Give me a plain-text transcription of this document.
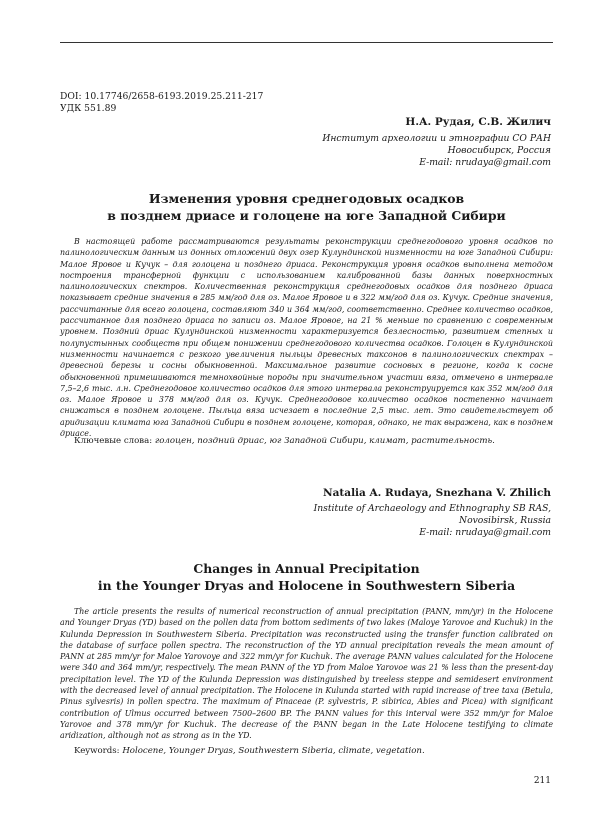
DOI: 10.17746/2658-6193.2019.25.211-217
УДК 551.89
Н.А. Рудая, С.В. Жилич
Институт археологии и этнографии СО РАН
Новосибирск, Россия
E-mail: nrudaya@gmail.com
Изменения уровня среднегодовых осадков
в позднем дриасе и голоцене на юге Западной Сибири
В настоящей работе рассматриваются результаты реконструкции среднегодового уровня осадков по палинологическим данным из донных отложений двух озер Кулундинской низменности на юге Западной Сибири: Малое Яровое и Кучук – для голоцена и позднего дриаса. Реконструкция уровня осадков выполнена методом построения трансферной функции с использованием калиброванной базы данных поверхностных палинологических спектров. Количественная реконструкция среднегодовых осадков для позднего дриаса показывает средние значения в 285 мм/год для оз. Малое Яровое и в 322 мм/год для оз. Кучук. Средние значения, рассчитанные для всего голоцена, составляют 340 и 364 мм/год, соответственно. Среднее количество осадков, рассчитанное для позднего дриаса по записи оз. Малое Яровое, на 21 % меньше по сравнению с современным уровнем. Поздний дриас Кулундинской низменности характеризуется безлесностью, развитием степных и полупустынных сообществ при общем понижении среднегодового количества осадков. Голоцен в Кулундинской низменности начинается с резкого увеличения пыльцы древесных таксонов в палинологических спектрах – древесной березы и сосны обыкновенной. Максимальное развитие сосновых в регионе, когда к сосне обыкновенной примешиваются темнохвойные породы при значительном участии вяза, отмечено в интервале 7,5–2,6 тыс. л.н. Среднегодовое количество осадков для этого интервала реконструируется как 352 мм/год для оз. Малое Яровое и 378 мм/год для оз. Кучук. Среднегодовое количество осадков постепенно начинает снижаться в позднем голоцене. Пыльца вяза исчезает в последние 2,5 тыс. лет. Это свидетельствует об аридизации климата юга Западной Сибири в позднем голоцене, которая, однако, не так выражена, как в позднем дриасе.
Ключевые слова: голоцен, поздний дриас, юг Западной Сибири, климат, растительность.
Natalia A. Rudaya, Snezhana V. Zhilich
Institute of Archaeology and Ethnography SB RAS,
Novosibirsk, Russia
E-mail: nrudaya@gmail.com
Changes in Annual Precipitation
in the Younger Dryas and Holocene in Southwestern Siberia
The article presents the results of numerical reconstruction of annual precipitation (PANN, mm/yr) in the Holocene and Younger Dryas (YD) based on the pollen data from bottom sediments of two lakes (Maloye Yarovoe and Kuchuk) in the Kulunda Depression in Southwestern Siberia. Precipitation was reconstructed using the transfer function calibrated on the database of surface pollen spectra. The reconstruction of the YD annual precipitation reveals the mean amount of PANN at 285 mm/yr for Maloe Yarovoye and 322 mm/yr for Kuchuk. The average PANN values calculated for the Holocene were 340 and 364 mm/yr, respectively. The mean PANN of the YD from Maloe Yarovoe was 21 % less than the present-day precipitation level. The YD of the Kulunda Depression was distinguished by treeless steppe and semidesert environment with the decreased level of annual precipitation. The Holocene in Kulunda started with rapid increase of tree taxa (Betula, Pinus sylvesris) in pollen spectra. The maximum of Pinaceae (P. sylvestris, P. sibirica, Abies and Picea) with significant contribution of Ulmus occurred between 7500–2600 BP. The PANN values for this interval were 352 mm/yr for Maloe Yarovoe and 378 mm/yr for Kuchuk. The decrease of the PANN began in the Late Holocene testifying to climate aridization, although not as strong as in the YD.
Keywords: Holocene, Younger Dryas, Southwestern Siberia, climate, vegetation.
211
